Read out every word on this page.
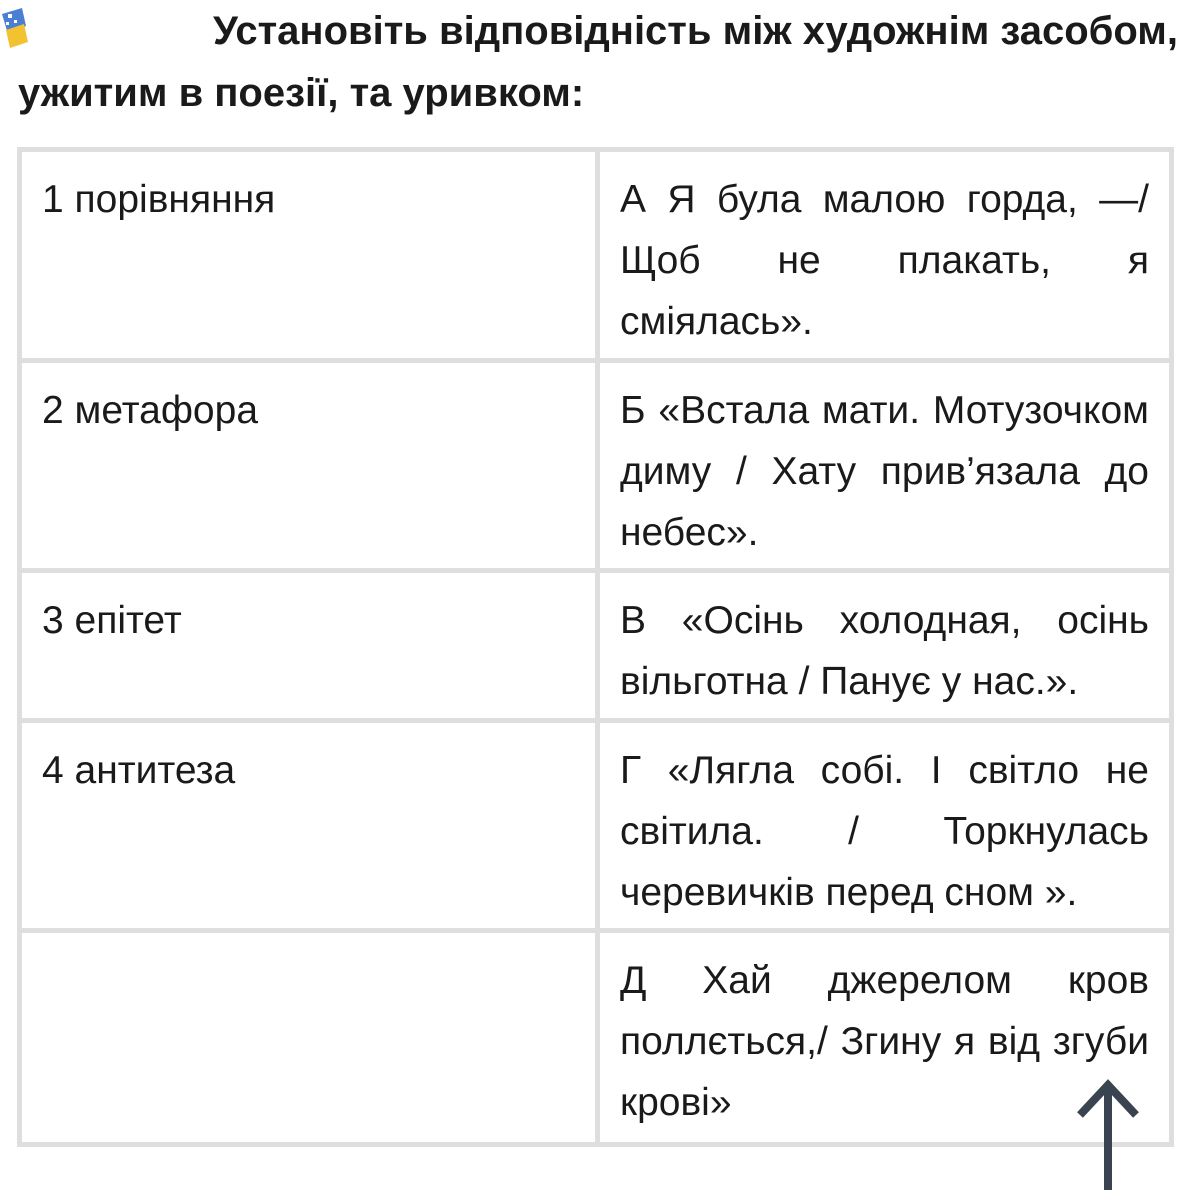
Установіть відповідність між художнім засобом,
ужитим в поезії, та уривком:
1 порівняння	А Я була малою горда, —/ Щоб не плакать, я сміялась».
2 метафора	Б «Встала мати. Мотузочком диму / Хату прив’язала до небес».
3 епітет	В «Осінь холодная, осінь вільготна / Панує у нас.».
4 антитеза	Г «Лягла собі. І світло не світила. / Торкнулась черевичків перед сном ».
	Д Хай джерелом кров поллється,/ Згину я від згуби крові»
